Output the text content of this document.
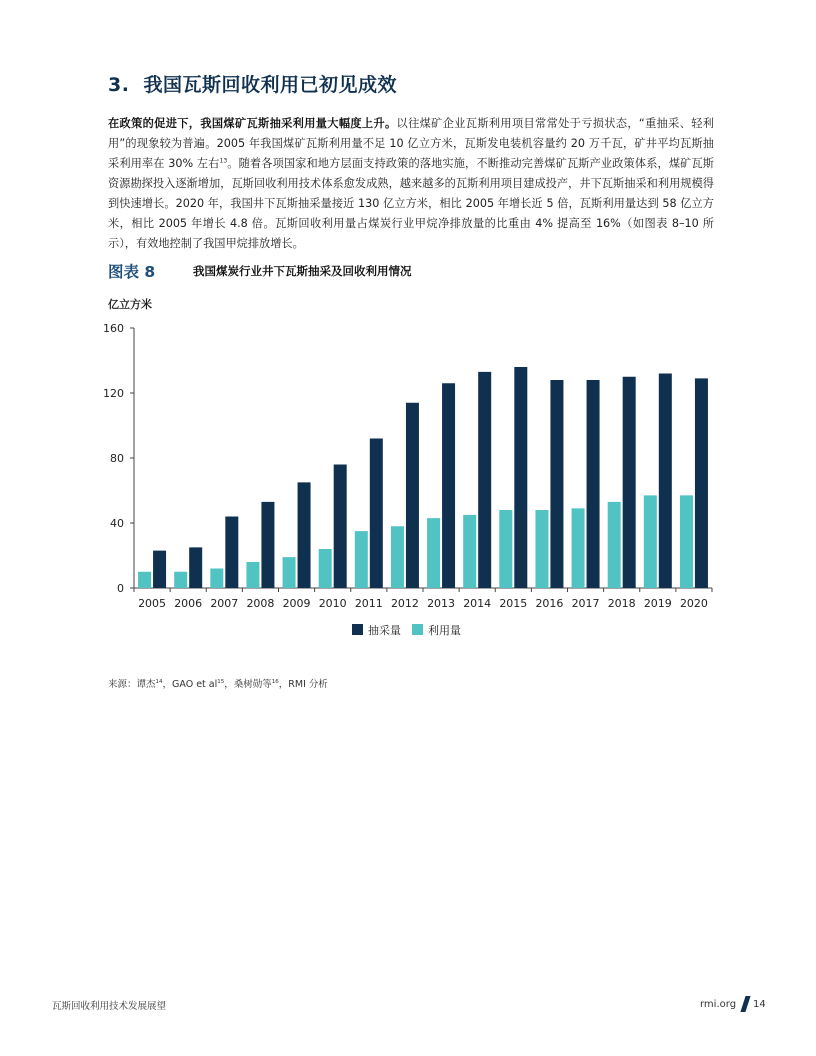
3. 我国瓦斯回收利用已初见成效
在政策的促进下，我国煤矿瓦斯抽采利用量大幅度上升。以往煤矿企业瓦斯利用项目常常处于亏损状态，“重抽采、轻利用”的现象较为普遍。2005 年我国煤矿瓦斯利用量不足 10 亿立方米，瓦斯发电装机容量约 20 万千瓦，矿井平均瓦斯抽采利用率在 30% 左右$^{13}$。随着各项国家和地方层面支持政策的落地实施，不断推动完善煤矿瓦斯产业政策体系，煤矿瓦斯资源勘探投入逐渐增加，瓦斯回收利用技术体系愈发成熟，越来越多的瓦斯利用项目建成投产，井下瓦斯抽采和利用规模得到快速增长。2020 年，我国井下瓦斯抽采量接近 130 亿立方米，相比 2005 年增长近 5 倍，瓦斯利用量达到 58 亿立方米，相比 2005 年增长 4.8 倍。瓦斯回收利用量占煤炭行业甲烷净排放量的比重由 4% 提高至 16%（如图表 8–10 所示），有效地控制了我国甲烷排放增长。
图表 8	我国煤炭行业井下瓦斯抽采及回收利用情况
亿立方米
0
40
80
120
160
2005 2006 2007 2008 2009 2010 2011 2012 2013 2014 2015 2016 2017 2018 2019 2020
抽采量 利用量
来源：谭杰$^{14}$，GAO et $al^{15}$，桑树勋等$^{16}$，RMI 分析
瓦斯回收利用技术发展展望	rmi.org 14
